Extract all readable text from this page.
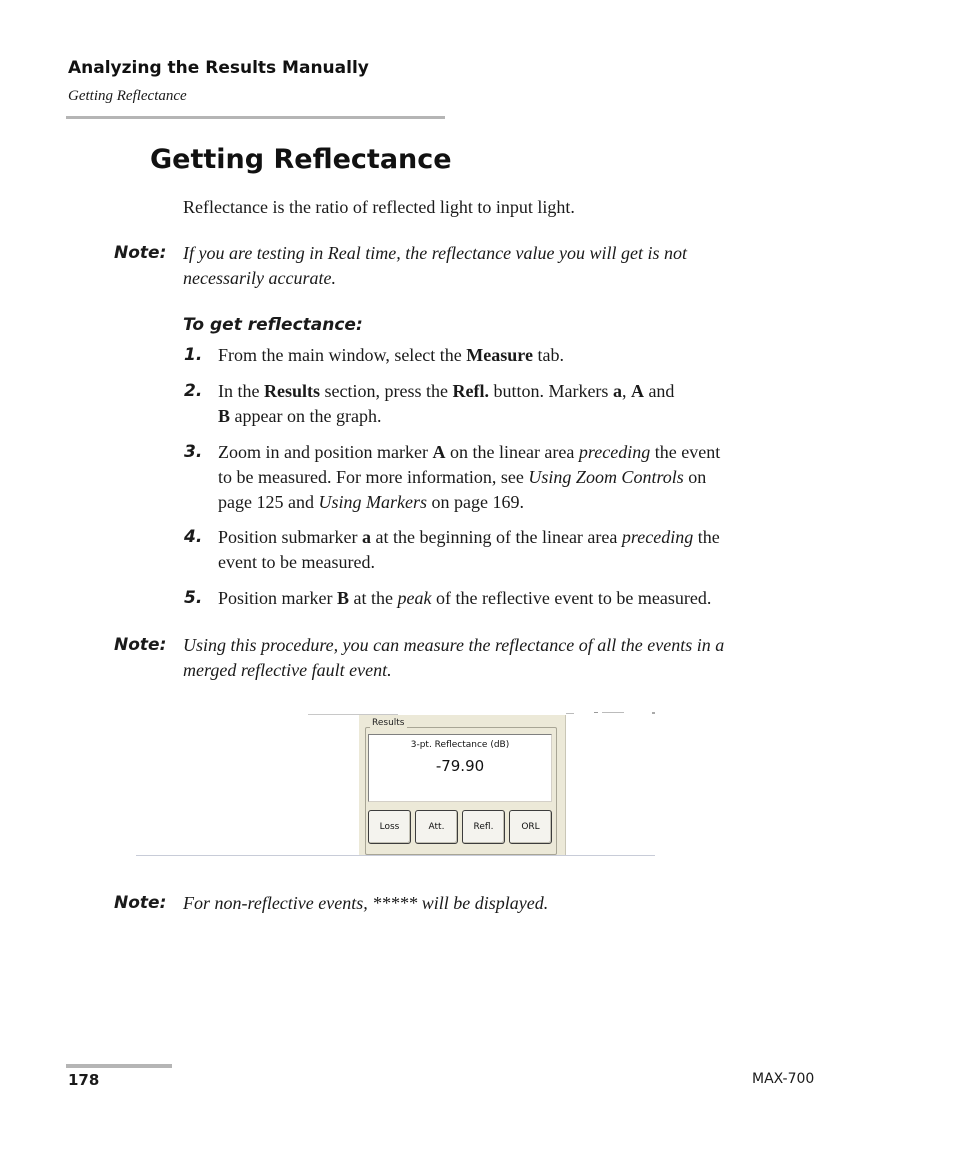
Analyzing the Results Manually
Getting Reflectance
Getting Reflectance
Reflectance is the ratio of reflected light to input light.
Note: If you are testing in Real time, the reflectance value you will get is not
necessarily accurate.
To get reflectance:
1. From the main window, select the Measure tab.
2. In the Results section, press the Refl. button. Markers a, A and
B appear on the graph.
3. Zoom in and position marker A on the linear area preceding the event
to be measured. For more information, see Using Zoom Controls on
page 125 and Using Markers on page 169.
4. Position submarker a at the beginning of the linear area preceding the
event to be measured.
5. Position marker B at the peak of the reflective event to be measured.
Note: Using this procedure, you can measure the reflectance of all the events in a
merged reflective fault event.
Results
3-pt. Reflectance (dB)
-79.90
Loss	Att.	Refl.	ORL
Note: For non-reflective events, ***** will be displayed.
178	MAX-700
